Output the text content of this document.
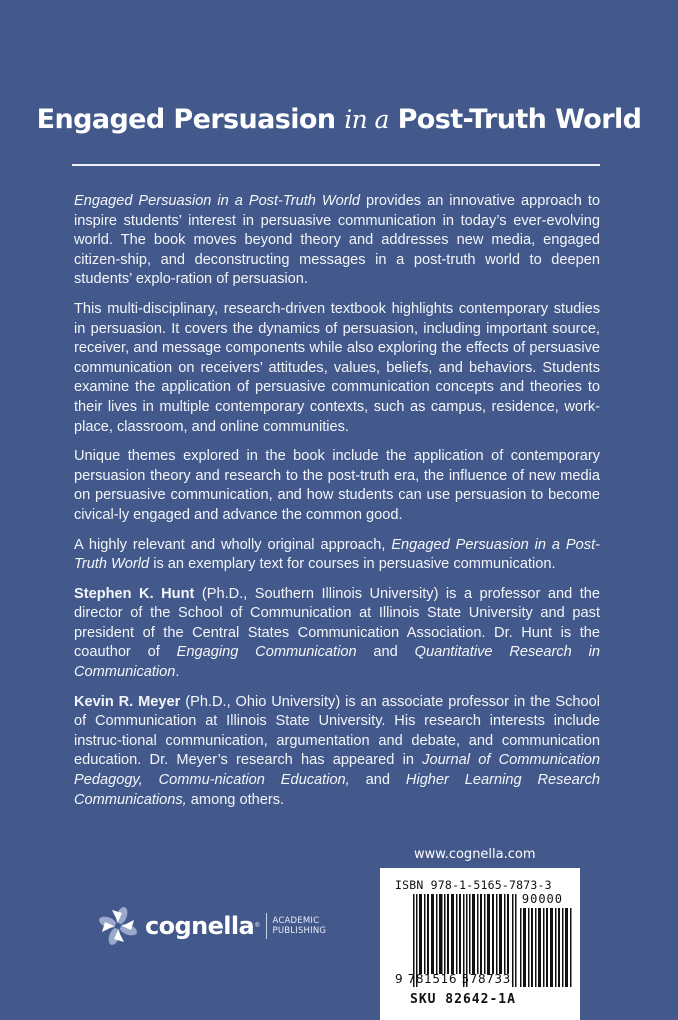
Engaged Persuasion in a Post-Truth World

Engaged Persuasion in a Post-Truth World provides an innovative approach to inspire students’ interest in persuasive communication in today’s ever-evolving world. The book moves beyond theory and addresses new media, engaged citizen-ship, and deconstructing messages in a post-truth world to deepen students’ explo-ration of persuasion.

This multi-disciplinary, research-driven textbook highlights contemporary studies in persuasion. It covers the dynamics of persuasion, including important source, receiver, and message components while also exploring the effects of persuasive communication on receivers’ attitudes, values, beliefs, and behaviors. Students examine the application of persuasive communication concepts and theories to their lives in multiple contemporary contexts, such as campus, residence, work-place, classroom, and online communities.

Unique themes explored in the book include the application of contemporary persuasion theory and research to the post-truth era, the influence of new media on persuasive communication, and how students can use persuasion to become civical-ly engaged and advance the common good.

A highly relevant and wholly original approach, Engaged Persuasion in a Post-Truth World is an exemplary text for courses in persuasive communication.

Stephen K. Hunt (Ph.D., Southern Illinois University) is a professor and the director of the School of Communication at Illinois State University and past president of the Central States Communication Association. Dr. Hunt is the coauthor of Engaging Communication and Quantitative Research in Communication.

Kevin R. Meyer (Ph.D., Ohio University) is an associate professor in the School of Communication at Illinois State University. His research interests include instruc-tional communication, argumentation and debate, and communication education. Dr. Meyer’s research has appeared in Journal of Communication Pedagogy, Commu-nication Education, and Higher Learning Research Communications, among others.

www.cognella.com
cognella ® ACADEMIC
PUBLISHING
ISBN 978-1-5165-7873-3
90000
9 781516 578733
SKU 82642-1A
